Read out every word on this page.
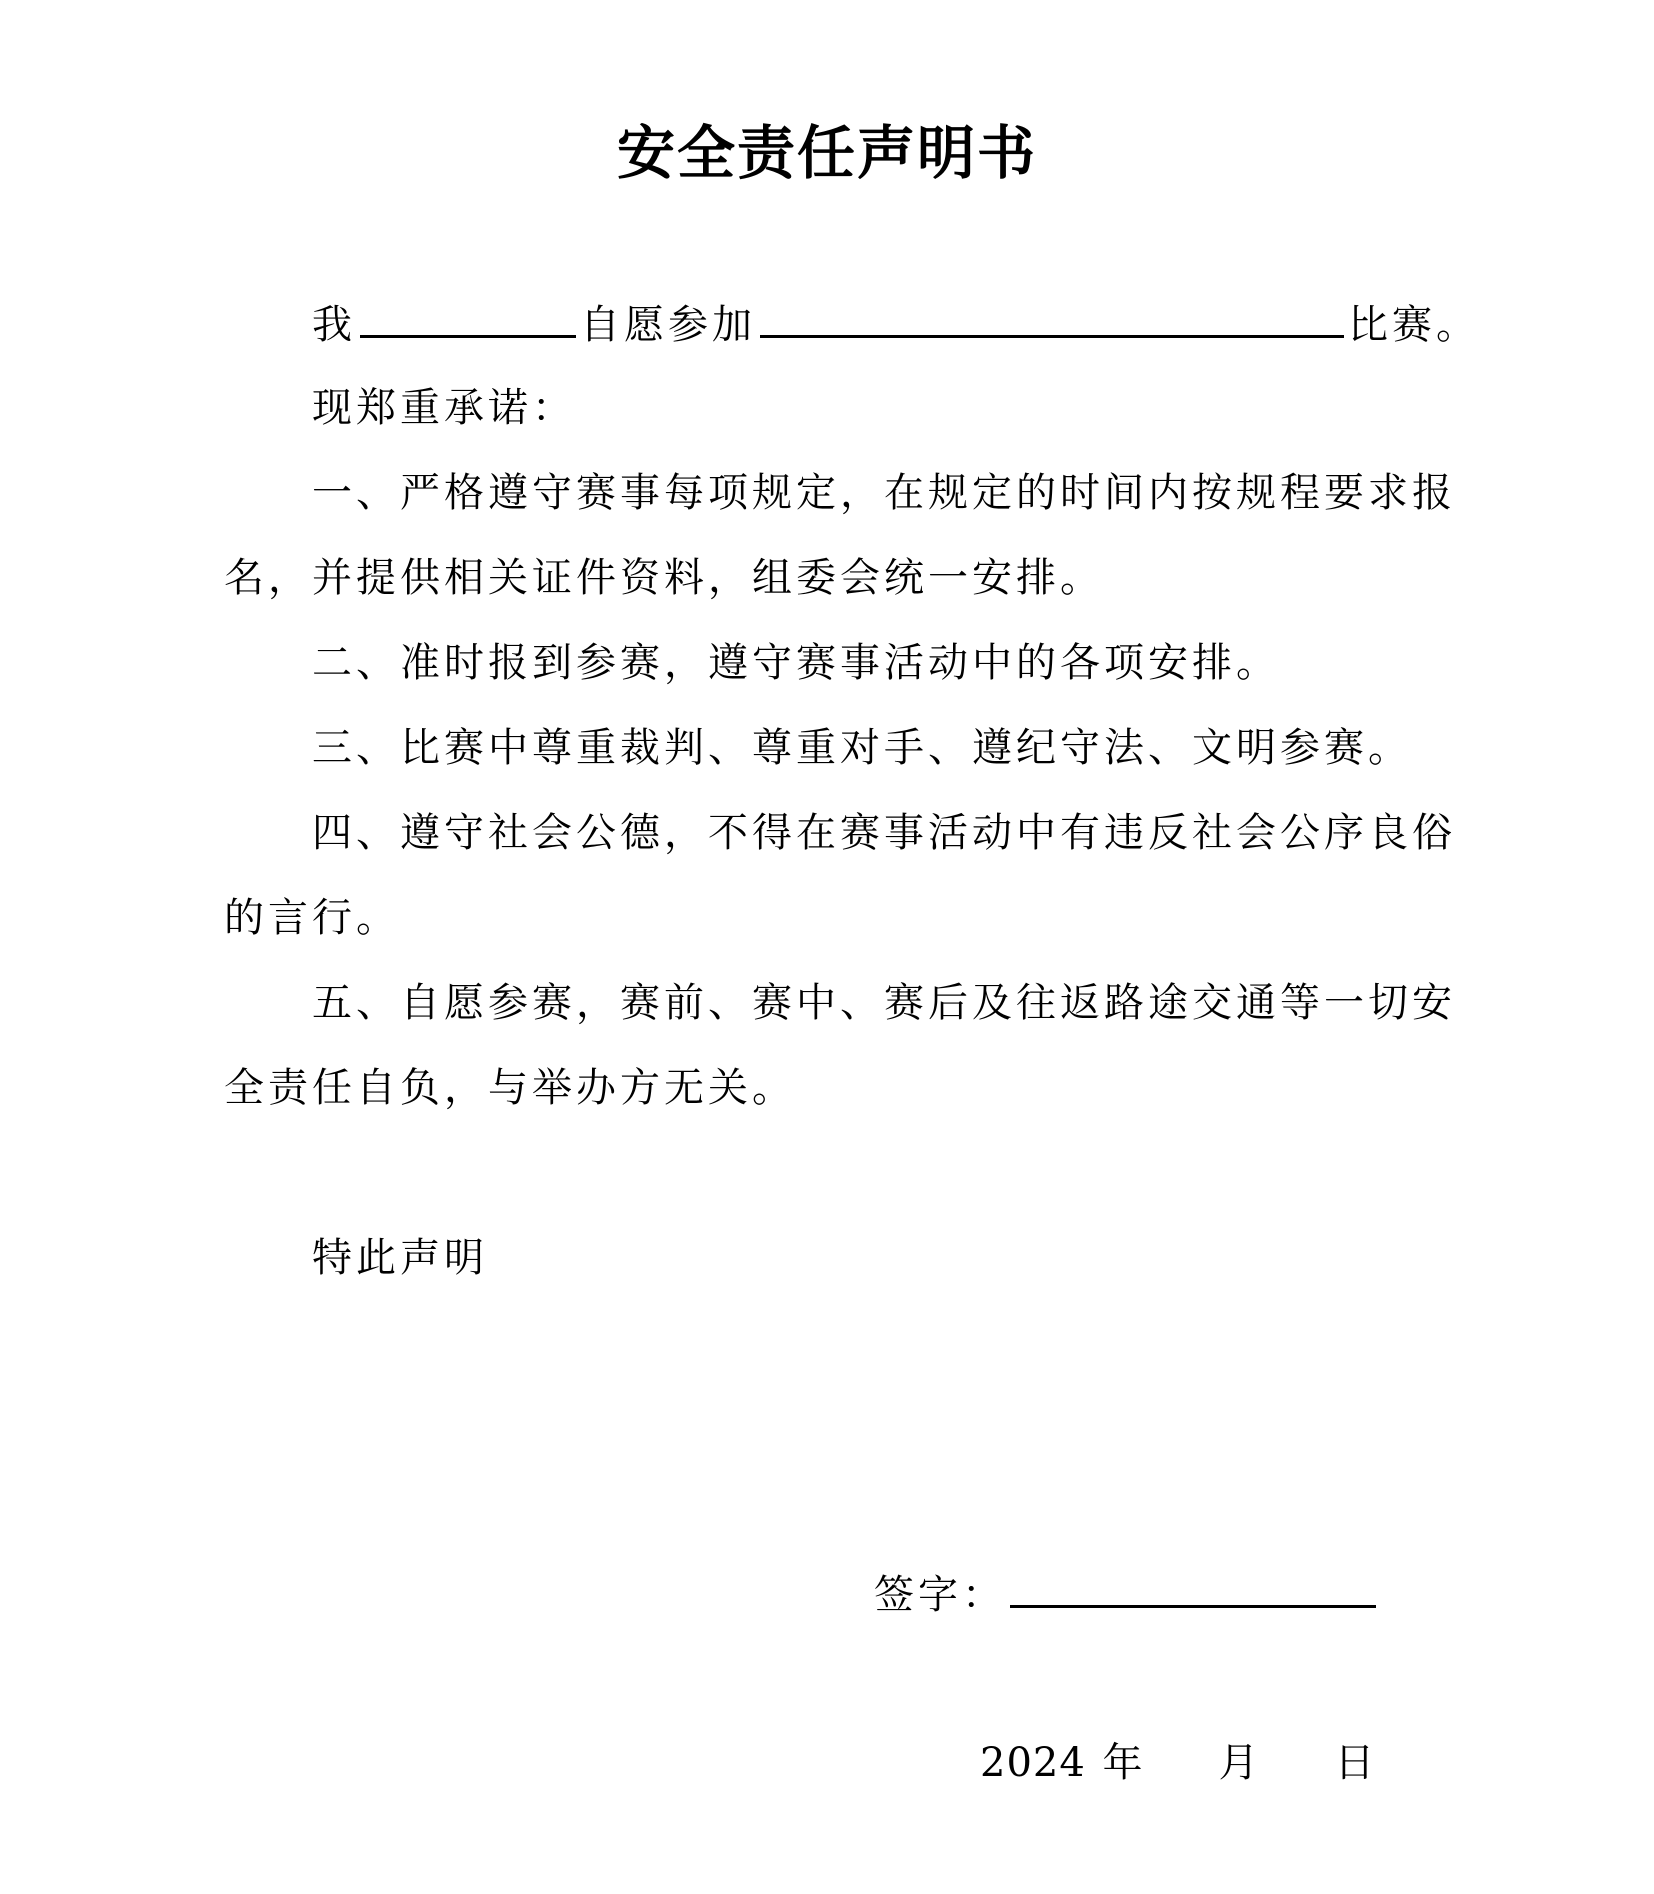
安全责任声明书
我	自愿参加	比赛。
现郑重承诺：
一、严格遵守赛事每项规定，在规定的时间内按规程要求报
名，并提供相关证件资料，组委会统一安排。
二、准时报到参赛，遵守赛事活动中的各项安排。
三、比赛中尊重裁判、尊重对手、遵纪守法、文明参赛。
四、遵守社会公德，不得在赛事活动中有违反社会公序良俗
的言行。
五、自愿参赛，赛前、赛中、赛后及往返路途交通等一切安
全责任自负，与举办方无关。
特此声明
签字：
2024 年 月 日
